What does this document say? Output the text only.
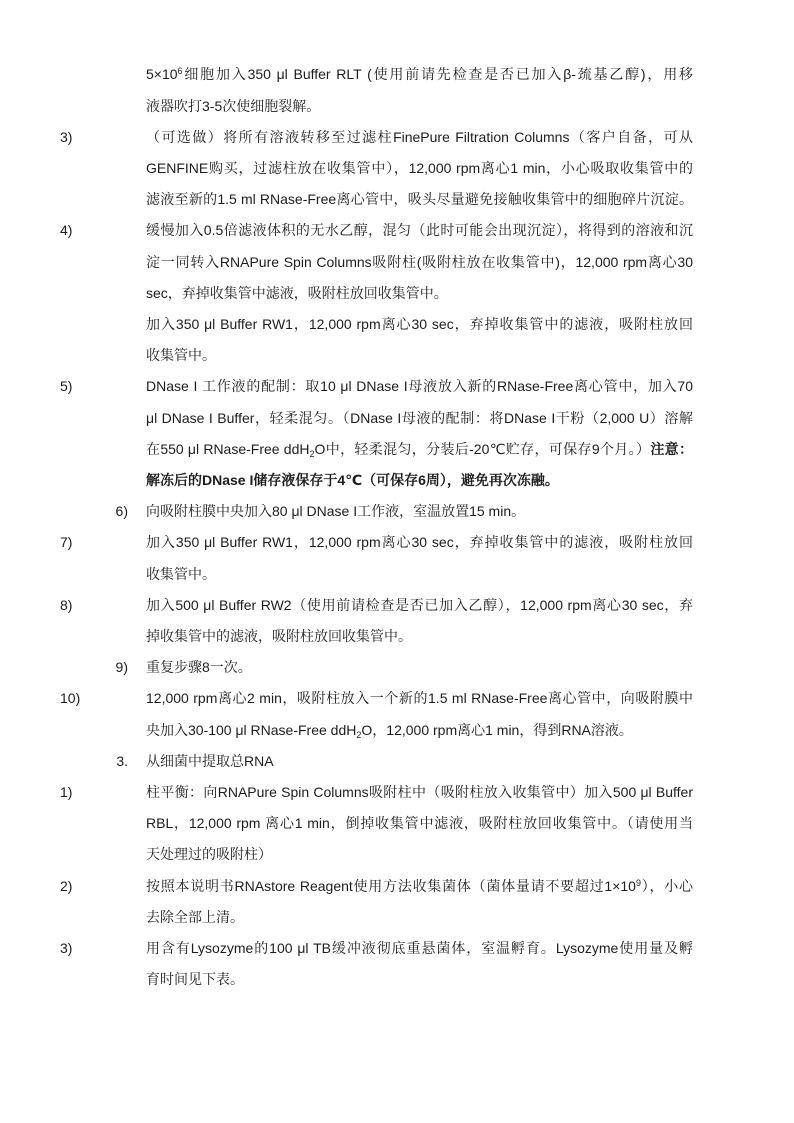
$5\times 10^6$细胞加入350 μl Buffer RLT (使用前请先检查是否已加入β-巯基乙醇)，用移
液器吹打3-5次使细胞裂解。
3)	（可选做）将所有溶液转移至过滤柱FinePure Filtration Columns（客户自备，可从
GENFINE购买，过滤柱放在收集管中），12,000 rpm离心1 min，小心吸取收集管中的
滤液至新的1.5 ml RNase-Free离心管中，吸头尽量避免接触收集管中的细胞碎片沉淀。
4)	缓慢加入0.5倍滤液体积的无水乙醇，混匀（此时可能会出现沉淀），将得到的溶液和沉
淀一同转入RNAPure Spin Columns吸附柱(吸附柱放在收集管中)，12,000 rpm离心30
sec，弃掉收集管中滤液，吸附柱放回收集管中。
加入350 μl Buffer RW1，12,000 rpm离心30 sec，弃掉收集管中的滤液，吸附柱放回
收集管中。
5)	DNase I 工作液的配制：取10 μl DNase I母液放入新的RNase-Free离心管中，加入70
μl DNase I Buffer，轻柔混匀。（DNase I母液的配制：将DNase I干粉（2,000 U）溶解
在550 μl RNase-Free ddH$_2$O中，轻柔混匀，分装后-20℃贮存，可保存9个月。）注意：
解冻后的DNase I储存液保存于4℃（可保存6周），避免再次冻融。
6) 向吸附柱膜中央加入80 μl DNase I工作液，室温放置15 min。
7)	加入350 μl Buffer RW1，12,000 rpm离心30 sec，弃掉收集管中的滤液，吸附柱放回
收集管中。
8)	加入500 μl Buffer RW2（使用前请检查是否已加入乙醇），12,000 rpm离心30 sec，弃
掉收集管中的滤液，吸附柱放回收集管中。
9) 重复步骤8一次。
10)	12,000 rpm离心2 min，吸附柱放入一个新的1.5 ml RNase-Free离心管中，向吸附膜中
央加入30-100 μl RNase-Free ddH$_2$O，12,000 rpm离心1 min，得到RNA溶液。
3. 从细菌中提取总RNA
1)	柱平衡：向RNAPure Spin Columns吸附柱中（吸附柱放入收集管中）加入500 μl Buffer
RBL，12,000 rpm 离心1 min，倒掉收集管中滤液，吸附柱放回收集管中。（请使用当
天处理过的吸附柱）
2)	按照本说明书RNAstore Reagent使用方法收集菌体（菌体量请不要超过$1\times 10^9$），小心
去除全部上清。
3)	用含有Lysozyme的100 μl TB缓冲液彻底重悬菌体，室温孵育。Lysozyme使用量及孵
育时间见下表。
